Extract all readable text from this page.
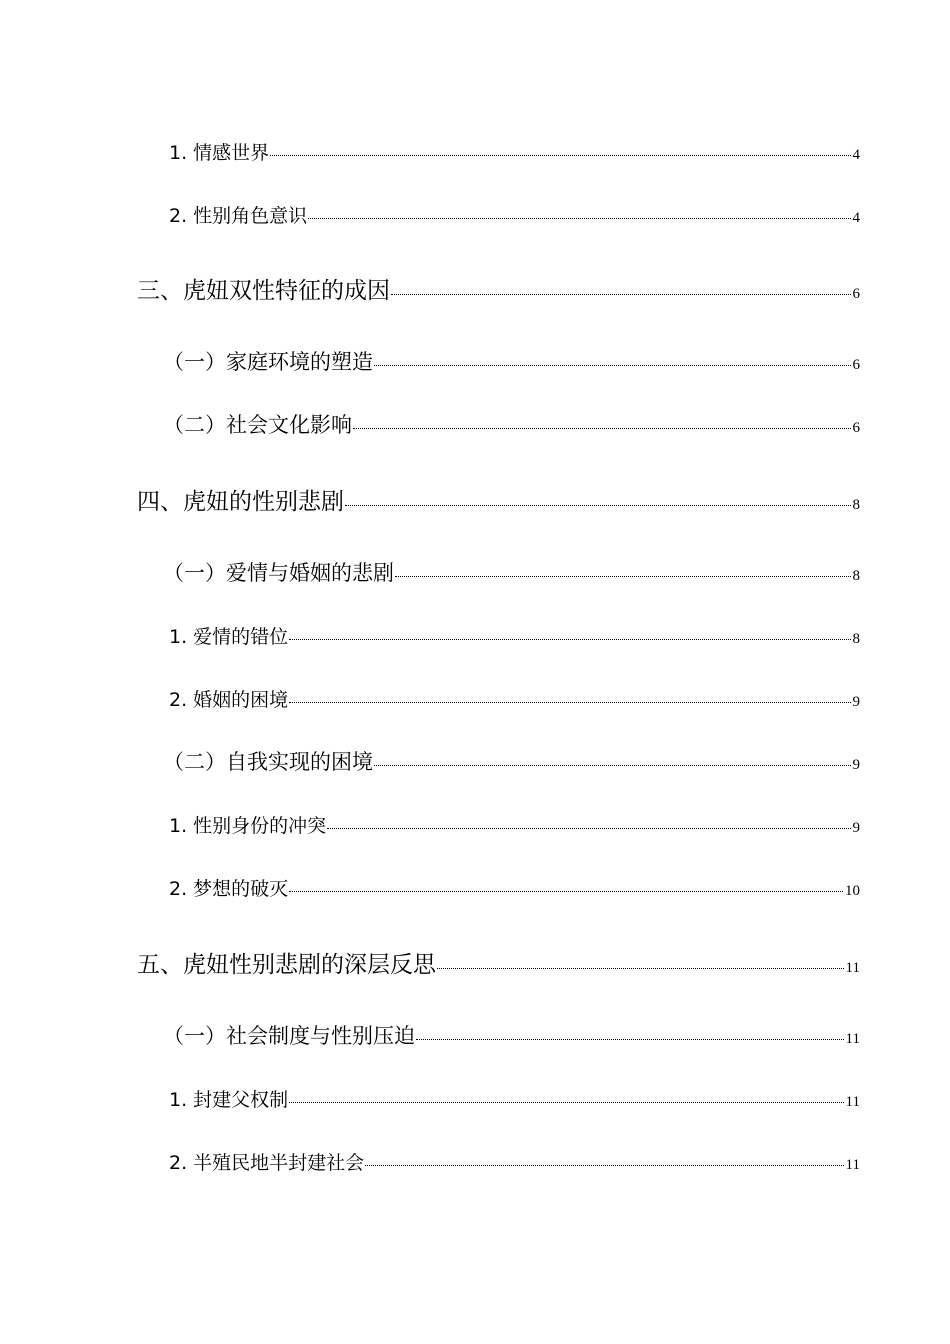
1. 情感世界	4
2. 性别角色意识	4
三、虎妞双性特征的成因	6
（一）家庭环境的塑造	6
（二）社会文化影响	6
四、虎妞的性别悲剧	8
（一）爱情与婚姻的悲剧	8
1. 爱情的错位	8
2. 婚姻的困境	9
（二）自我实现的困境	9
1. 性别身份的冲突	9
2. 梦想的破灭	10
五、虎妞性别悲剧的深层反思	11
（一）社会制度与性别压迫	11
1. 封建父权制	11
2. 半殖民地半封建社会	11
